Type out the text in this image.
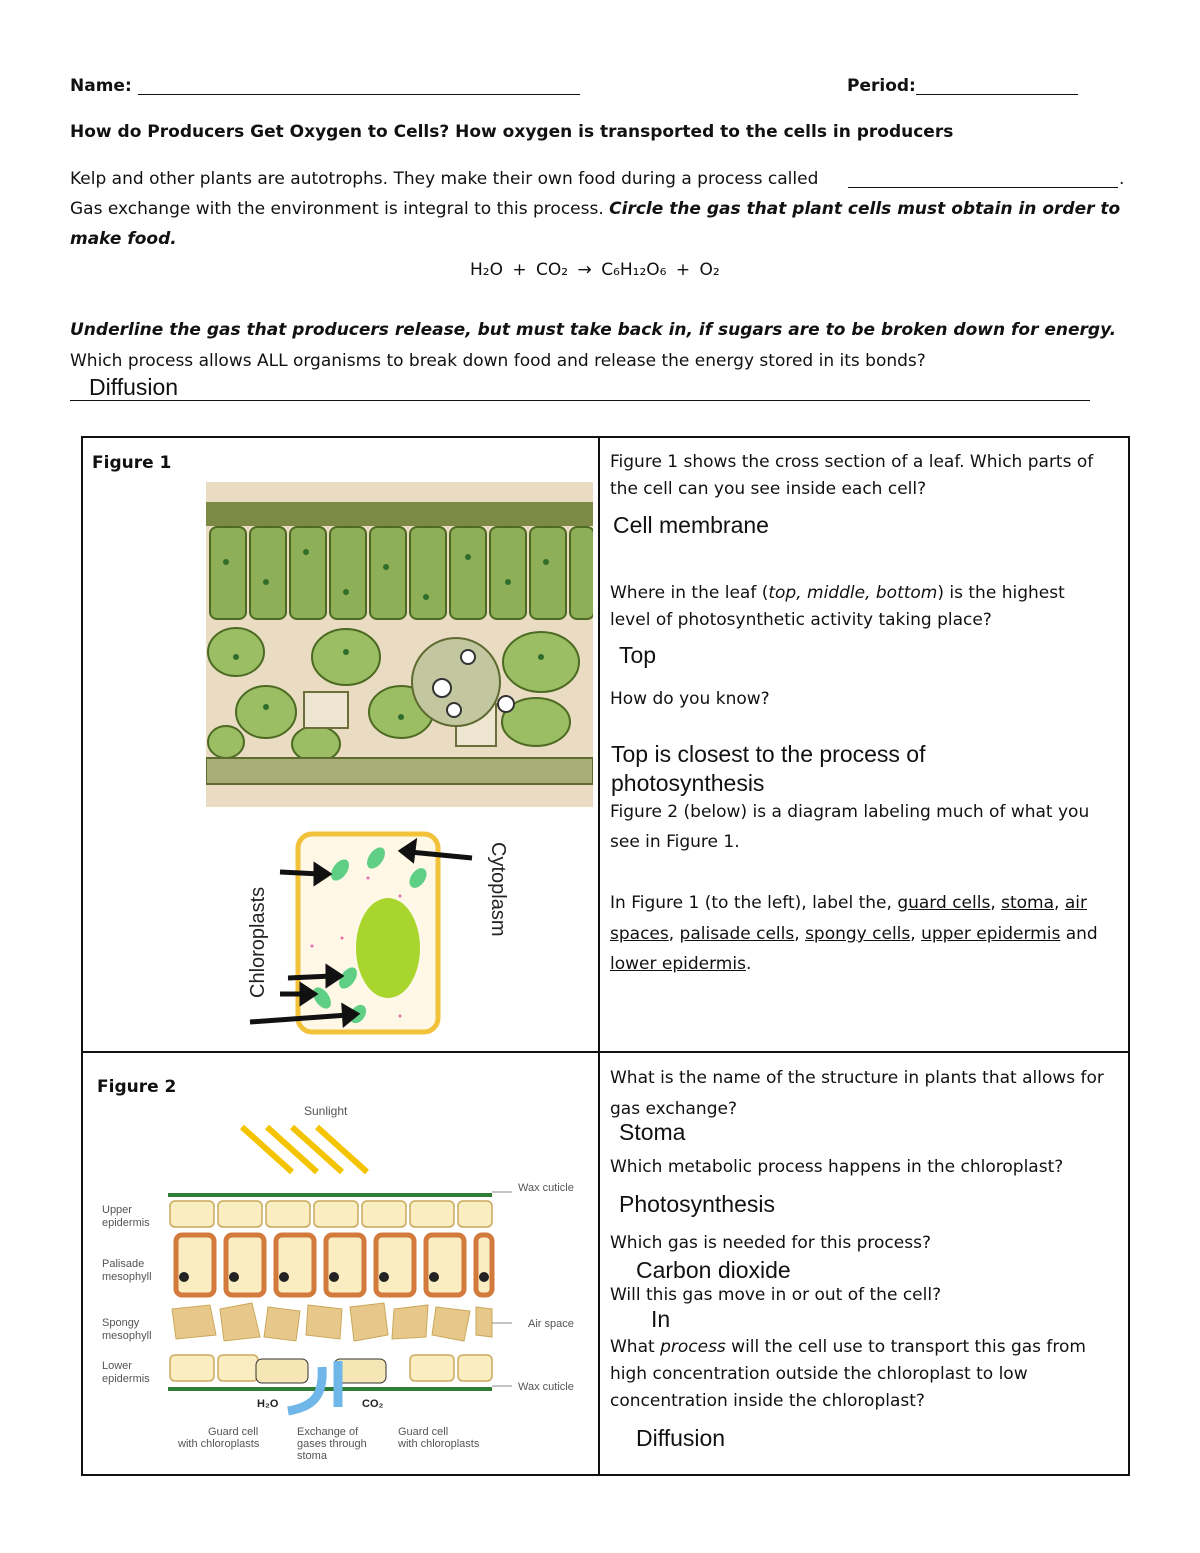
Name:	Period:
How do Producers Get Oxygen to Cells? How oxygen is transported to the cells in producers
Kelp and other plants are autotrophs. They make their own food during a process called	.
Gas exchange with the environment is integral to this process. Circle the gas that plant cells must obtain in order to
make food.
H₂O + CO₂ → C₆H₁₂O₆ + O₂
Underline the gas that producers release, but must take back in, if sugars are to be broken down for energy.
Which process allows ALL organisms to break down food and release the energy stored in its bonds?
Diffusion
Figure 1
Chloroplasts	Cytoplasm
Figure 1 shows the cross section of a leaf. Which parts of
the cell can you see inside each cell?
Cell membrane
Where in the leaf (top, middle, bottom) is the highest
level of photosynthetic activity taking place?
Top
How do you know?
Top is closest to the process of
photosynthesis
Figure 2 (below) is a diagram labeling much of what you
see in Figure 1.
In Figure 1 (to the left), label the, guard cells, stoma, air
spaces, palisade cells, spongy cells, upper epidermis and
lower epidermis.
Figure 2
Sunlight
Wax cuticle
Air space
Wax cuticle
H₂O	CO₂
Upper
epidermis
Palisade
mesophyll
Spongy
mesophyll
Lower
epidermis
Guard cell
with chloroplasts
Exchange of
gases through
stoma
Guard cell
with chloroplasts
What is the name of the structure in plants that allows for
gas exchange?
Stoma
Which metabolic process happens in the chloroplast?
Photosynthesis
Which gas is needed for this process?
Carbon dioxide
Will this gas move in or out of the cell?
In
What process will the cell use to transport this gas from
high concentration outside the chloroplast to low
concentration inside the chloroplast?
Diffusion
